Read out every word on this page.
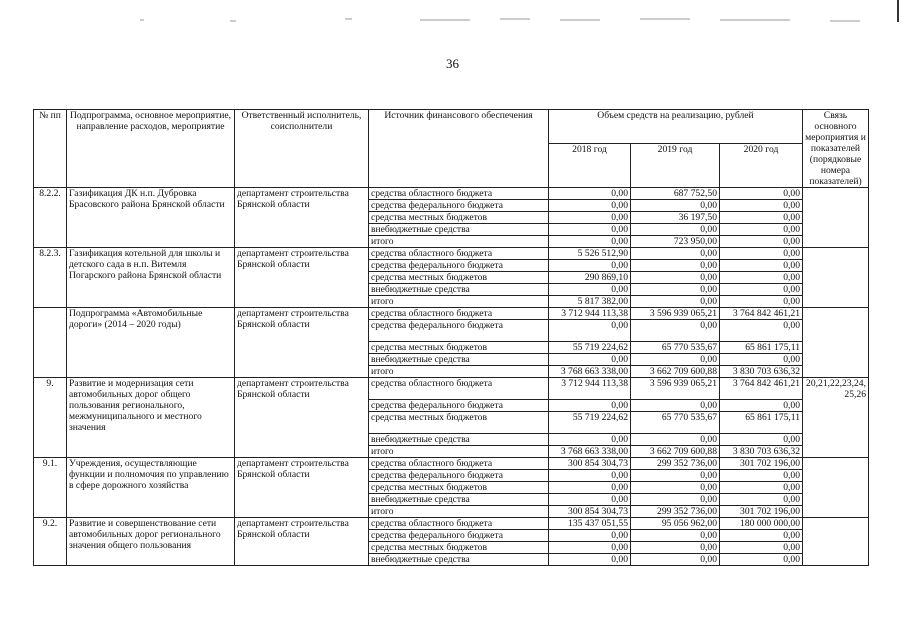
36
№ пп	Подпрограмма, основное мероприятие, направление расходов, мероприятие	Ответственный исполнитель, соисполнители	Источник финансового обеспечения	Объем средств на реализацию, рублей			Связь основного мероприятия и показателей (порядковые номера показателей)
				2018 год	2019 год	2020 год	
8.2.2.	Газификация ДК н.п. Дубровка Брасовского района Брянской области	департамент строительства Брянской области	средства областного бюджета	0,00	687 752,50	0,00	
			средства федерального бюджета	0,00	0,00	0,00	
			средства местных бюджетов	0,00	36 197,50	0,00	
			внебюджетные средства	0,00	0,00	0,00	
			итого	0,00	723 950,00	0,00	
8.2.3.	Газификация котельной для школы и детского сада в н.п. Витемля Погарского района Брянской области	департамент строительства Брянской области	средства областного бюджета	5 526 512,90	0,00	0,00	
			средства федерального бюджета	0,00	0,00	0,00	
			средства местных бюджетов	290 869,10	0,00	0,00	
			внебюджетные средства	0,00	0,00	0,00	
			итого	5 817 382,00	0,00	0,00	
	Подпрограмма «Автомобильные дороги» (2014 – 2020 годы)	департамент строительства Брянской области	средства областного бюджета	3 712 944 113,38	3 596 939 065,21	3 764 842 461,21	
			средства федерального бюджета	0,00	0,00	0,00	
			средства местных бюджетов	55 719 224,62	65 770 535,67	65 861 175,11	
			внебюджетные средства	0,00	0,00	0,00	
			итого	3 768 663 338,00	3 662 709 600,88	3 830 703 636,32	
9.	Развитие и модернизация сети автомобильных дорог общего пользования регионального, межмуниципального и местного значения	департамент строительства Брянской области	средства областного бюджета	3 712 944 113,38	3 596 939 065,21	3 764 842 461,21	20,21,22,23,24, 25,26
			средства федерального бюджета	0,00	0,00	0,00	
			средства местных бюджетов	55 719 224,62	65 770 535,67	65 861 175,11	
			внебюджетные средства	0,00	0,00	0,00	
			итого	3 768 663 338,00	3 662 709 600,88	3 830 703 636,32	
9.1.	Учреждения, осуществляющие функции и полномочия по управлению в сфере дорожного хозяйства	департамент строительства Брянской области	средства областного бюджета	300 854 304,73	299 352 736,00	301 702 196,00	
			средства федерального бюджета	0,00	0,00	0,00	
			средства местных бюджетов	0,00	0,00	0,00	
			внебюджетные средства	0,00	0,00	0,00	
			итого	300 854 304,73	299 352 736,00	301 702 196,00	
9.2.	Развитие и совершенствование сети автомобильных дорог регионального значения общего пользования	департамент строительства Брянской области	средства областного бюджета	135 437 051,55	95 056 962,00	180 000 000,00	
			средства федерального бюджета	0,00	0,00	0,00	
			средства местных бюджетов	0,00	0,00	0,00	
			внебюджетные средства	0,00	0,00	0,00	
